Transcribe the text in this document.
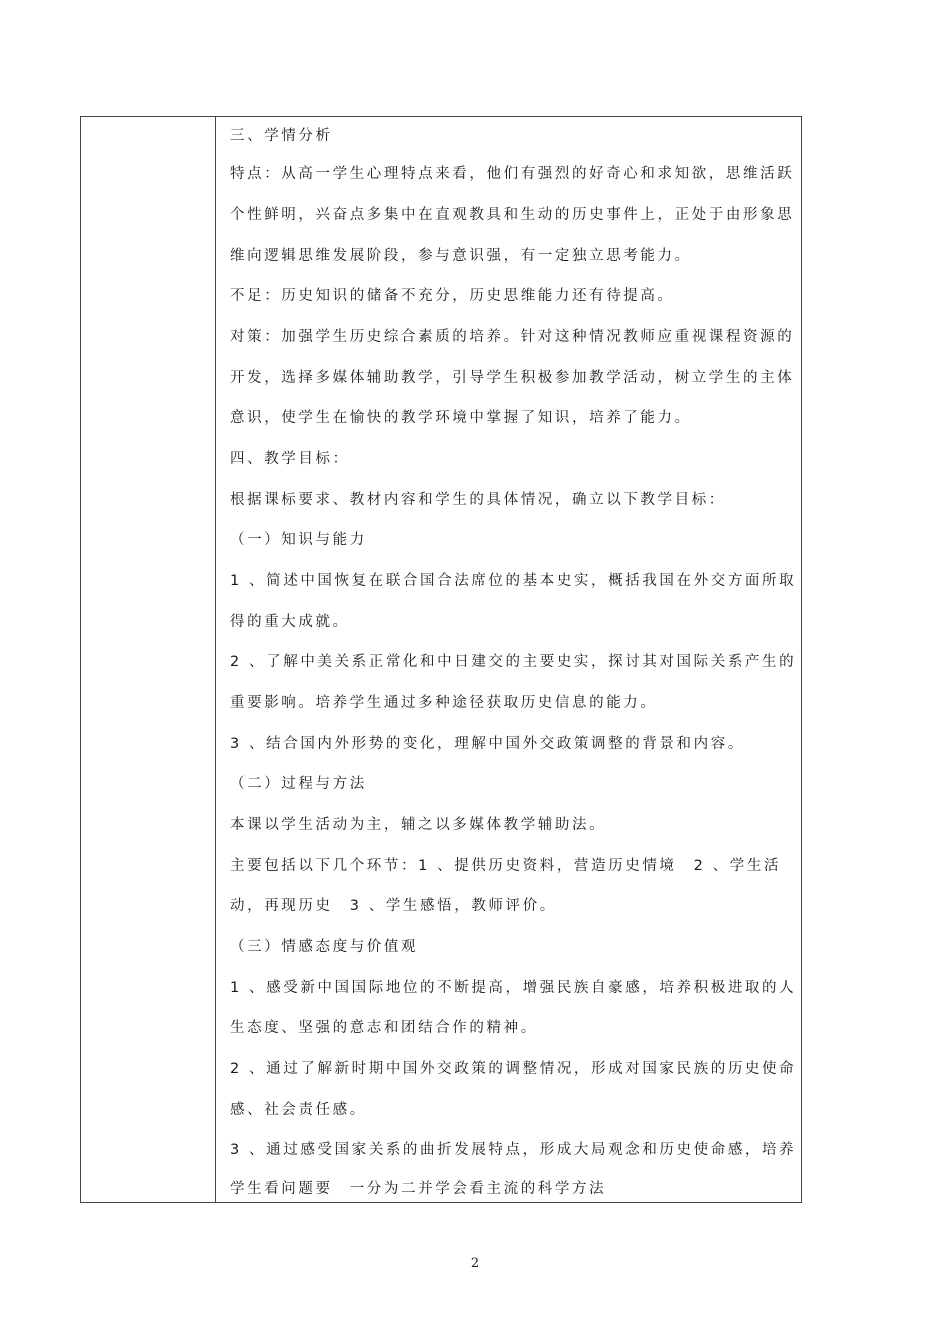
三、学情分析
特点：从高一学生心理特点来看，他们有强烈的好奇心和求知欲，思维活跃
个性鲜明，兴奋点多集中在直观教具和生动的历史事件上，正处于由形象思
维向逻辑思维发展阶段，参与意识强，有一定独立思考能力。
不足：历史知识的储备不充分，历史思维能力还有待提高。
对策：加强学生历史综合素质的培养。针对这种情况教师应重视课程资源的
开发，选择多媒体辅助教学，引导学生积极参加教学活动，树立学生的主体
意识，使学生在愉快的教学环境中掌握了知识，培养了能力。
四、教学目标：
根据课标要求、教材内容和学生的具体情况，确立以下教学目标：
（一）知识与能力
1 、简述中国恢复在联合国合法席位的基本史实，概括我国在外交方面所取
得的重大成就。
2 、了解中美关系正常化和中日建交的主要史实，探讨其对国际关系产生的
重要影响。培养学生通过多种途径获取历史信息的能力。
3 、结合国内外形势的变化，理解中国外交政策调整的背景和内容。
（二）过程与方法
本课以学生活动为主，辅之以多媒体教学辅助法。
主要包括以下几个环节：1 、提供历史资料，营造历史情境　2 、学生活
动，再现历史　3 、学生感悟，教师评价。
（三）情感态度与价值观
1 、感受新中国国际地位的不断提高，增强民族自豪感，培养积极进取的人
生态度、坚强的意志和团结合作的精神。
2 、通过了解新时期中国外交政策的调整情况，形成对国家民族的历史使命
感、社会责任感。
3 、通过感受国家关系的曲折发展特点，形成大局观念和历史使命感，培养
学生看问题要　一分为二并学会看主流的科学方法
2
